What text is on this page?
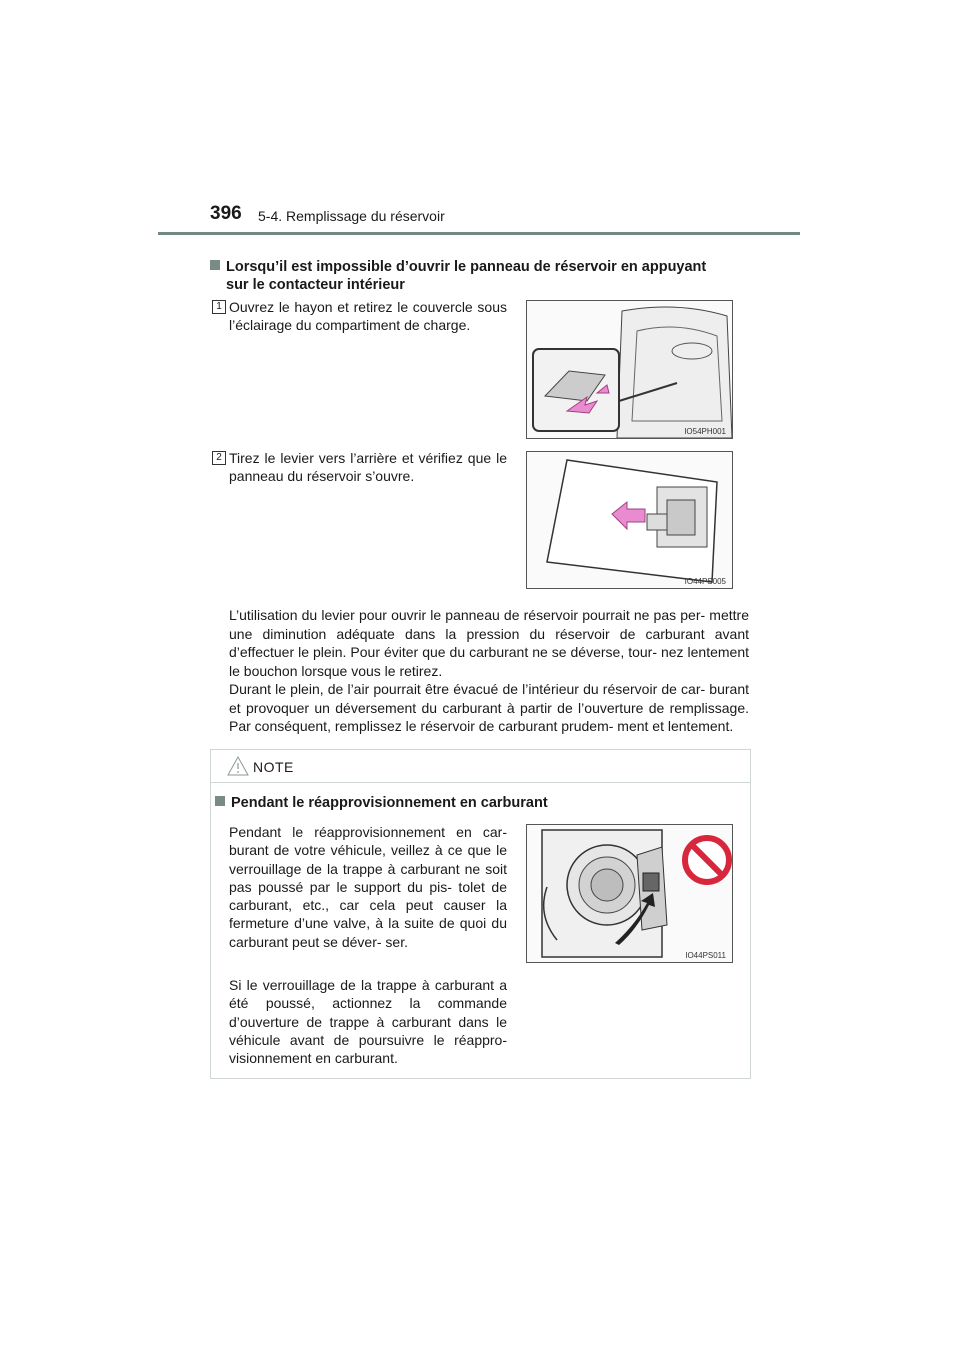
396 5-4. Remplissage du réservoir
Lorsqu’il est impossible d’ouvrir le panneau de réservoir en appuyant
sur le contacteur intérieur
1 Ouvrez le hayon et retirez le couvercle sous l’éclairage du compartiment de charge.
IO54PH001
2 Tirez le levier vers l’arrière et vérifiez que le panneau du réservoir s’ouvre.
IO44PS005
L’utilisation du levier pour ouvrir le panneau de réservoir pourrait ne pas per- mettre une diminution adéquate dans la pression du réservoir de carburant avant d’effectuer le plein. Pour éviter que du carburant ne se déverse, tour- nez lentement le bouchon lorsque vous le retirez.
Durant le plein, de l’air pourrait être évacué de l’intérieur du réservoir de car- burant et provoquer un déversement du carburant à partir de l’ouverture de remplissage. Par conséquent, remplissez le réservoir de carburant prudem- ment et lentement.
NOTE
Pendant le réapprovisionnement en carburant
Pendant le réapprovisionnement en car- burant de votre véhicule, veillez à ce que le verrouillage de la trappe à carburant ne soit pas poussé par le support du pis- tolet de carburant, etc., car cela peut causer la fermeture d’une valve, à la suite de quoi du carburant peut se déver- ser.
Si le verrouillage de la trappe à carburant a été poussé, actionnez la commande d’ouverture de trappe à carburant dans le véhicule avant de poursuivre le réappro- visionnement en carburant.
IO44PS011
